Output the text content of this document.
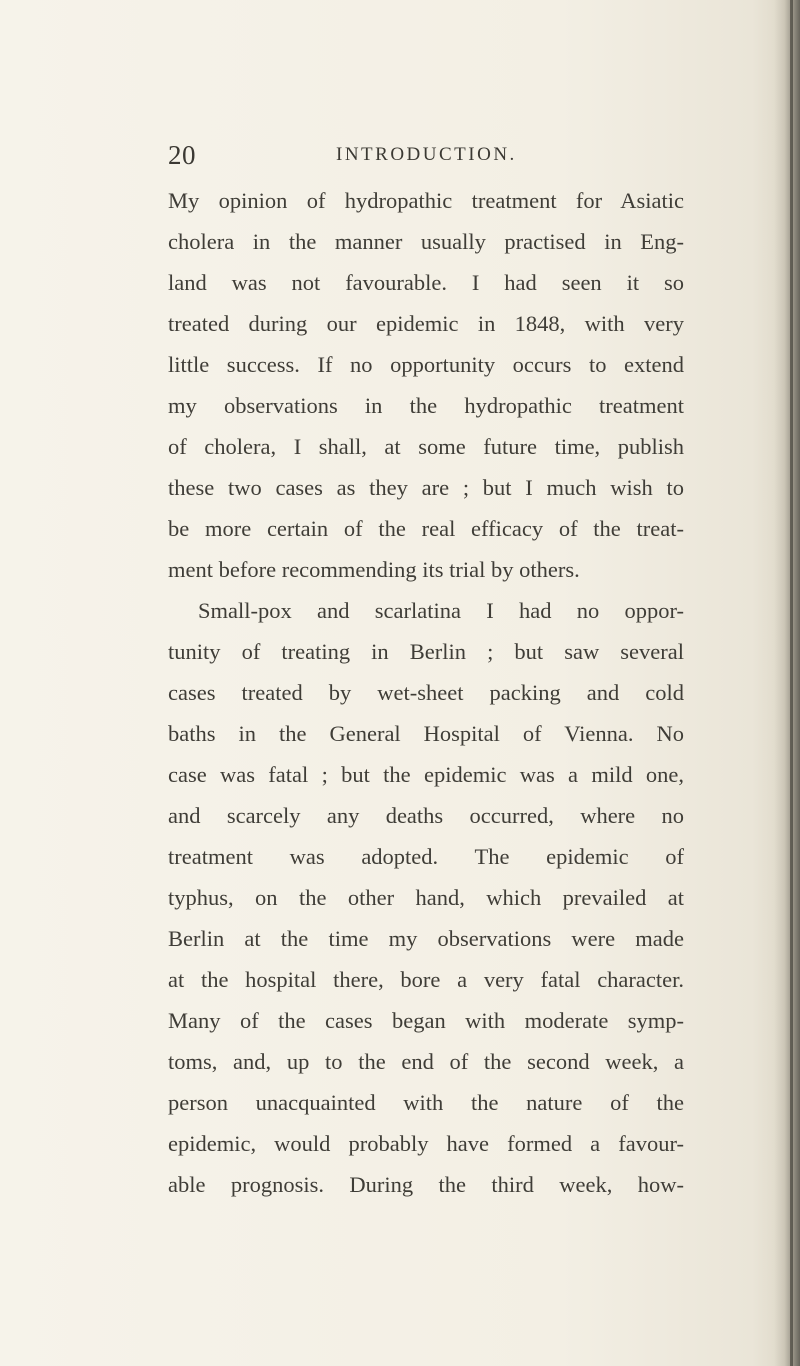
20	INTRODUCTION.
My opinion of hydropathic treatment for Asiatic
cholera in the manner usually practised in Eng-
land was not favourable. I had seen it so
treated during our epidemic in 1848, with very
little success. If no opportunity occurs to extend
my observations in the hydropathic treatment
of cholera, I shall, at some future time, publish
these two cases as they are ; but I much wish to
be more certain of the real efficacy of the treat-
ment before recommending its trial by others.
Small-pox and scarlatina I had no oppor-
tunity of treating in Berlin ; but saw several
cases treated by wet-sheet packing and cold
baths in the General Hospital of Vienna. No
case was fatal ; but the epidemic was a mild one,
and scarcely any deaths occurred, where no
treatment was adopted. The epidemic of
typhus, on the other hand, which prevailed at
Berlin at the time my observations were made
at the hospital there, bore a very fatal character.
Many of the cases began with moderate symp-
toms, and, up to the end of the second week, a
person unacquainted with the nature of the
epidemic, would probably have formed a favour-
able prognosis. During the third week, how-
